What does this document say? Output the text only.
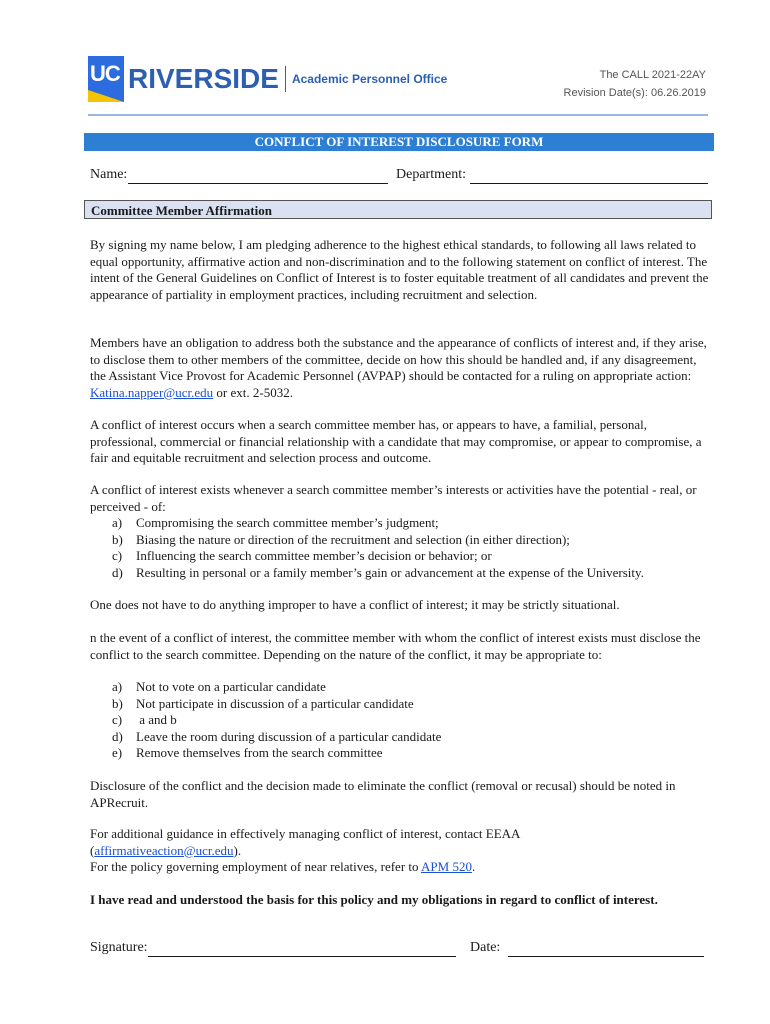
UC RIVERSIDE Academic Personnel Office	The CALL 2021-22AY
Revision Date(s): 06.26.2019
CONFLICT OF INTEREST DISCLOSURE FORM
Name:	Department:
Committee Member Affirmation

By signing my name below, I am pledging adherence to the highest ethical standards, to following all laws related to equal opportunity, affirmative action and non-discrimination and to the following statement on conflict of interest. The intent of the General Guidelines on Conflict of Interest is to foster equitable treatment of all candidates and prevent the appearance of partiality in employment practices, including recruitment and selection.

Members have an obligation to address both the substance and the appearance of conflicts of interest and, if they arise, to disclose them to other members of the committee, decide on how this should be handled and, if any disagreement, the Assistant Vice Provost for Academic Personnel (AVPAP) should be contacted for a ruling on appropriate action: Katina.napper@ucr.edu or ext. 2-5032.

A conflict of interest occurs when a search committee member has, or appears to have, a familial, personal, professional, commercial or financial relationship with a candidate that may compromise, or appear to compromise, a fair and equitable recruitment and selection process and outcome.

A conflict of interest exists whenever a search committee member’s interests or activities have the potential - real, or perceived - of:

a)	Compromising the search committee member’s judgment;
b)	Biasing the nature or direction of the recruitment and selection (in either direction);
c)	Influencing the search committee member’s decision or behavior; or
d)	Resulting in personal or a family member’s gain or advancement at the expense of the University.

One does not have to do anything improper to have a conflict of interest; it may be strictly situational.

n the event of a conflict of interest, the committee member with whom the conflict of interest exists must disclose the conflict to the search committee. Depending on the nature of the conflict, it may be appropriate to:

a)	Not to vote on a particular candidate
b)	Not participate in discussion of a particular candidate
c)	a and b
d)	Leave the room during discussion of a particular candidate
e)	Remove themselves from the search committee

Disclosure of the conflict and the decision made to eliminate the conflict (removal or recusal) should be noted in APRecruit.

For additional guidance in effectively managing conflict of interest, contact EEAA

(affirmativeaction@ucr.edu).

For the policy governing employment of near relatives, refer to APM 520.

I have read and understood the basis for this policy and my obligations in regard to conflict of interest.

Signature:	Date:
